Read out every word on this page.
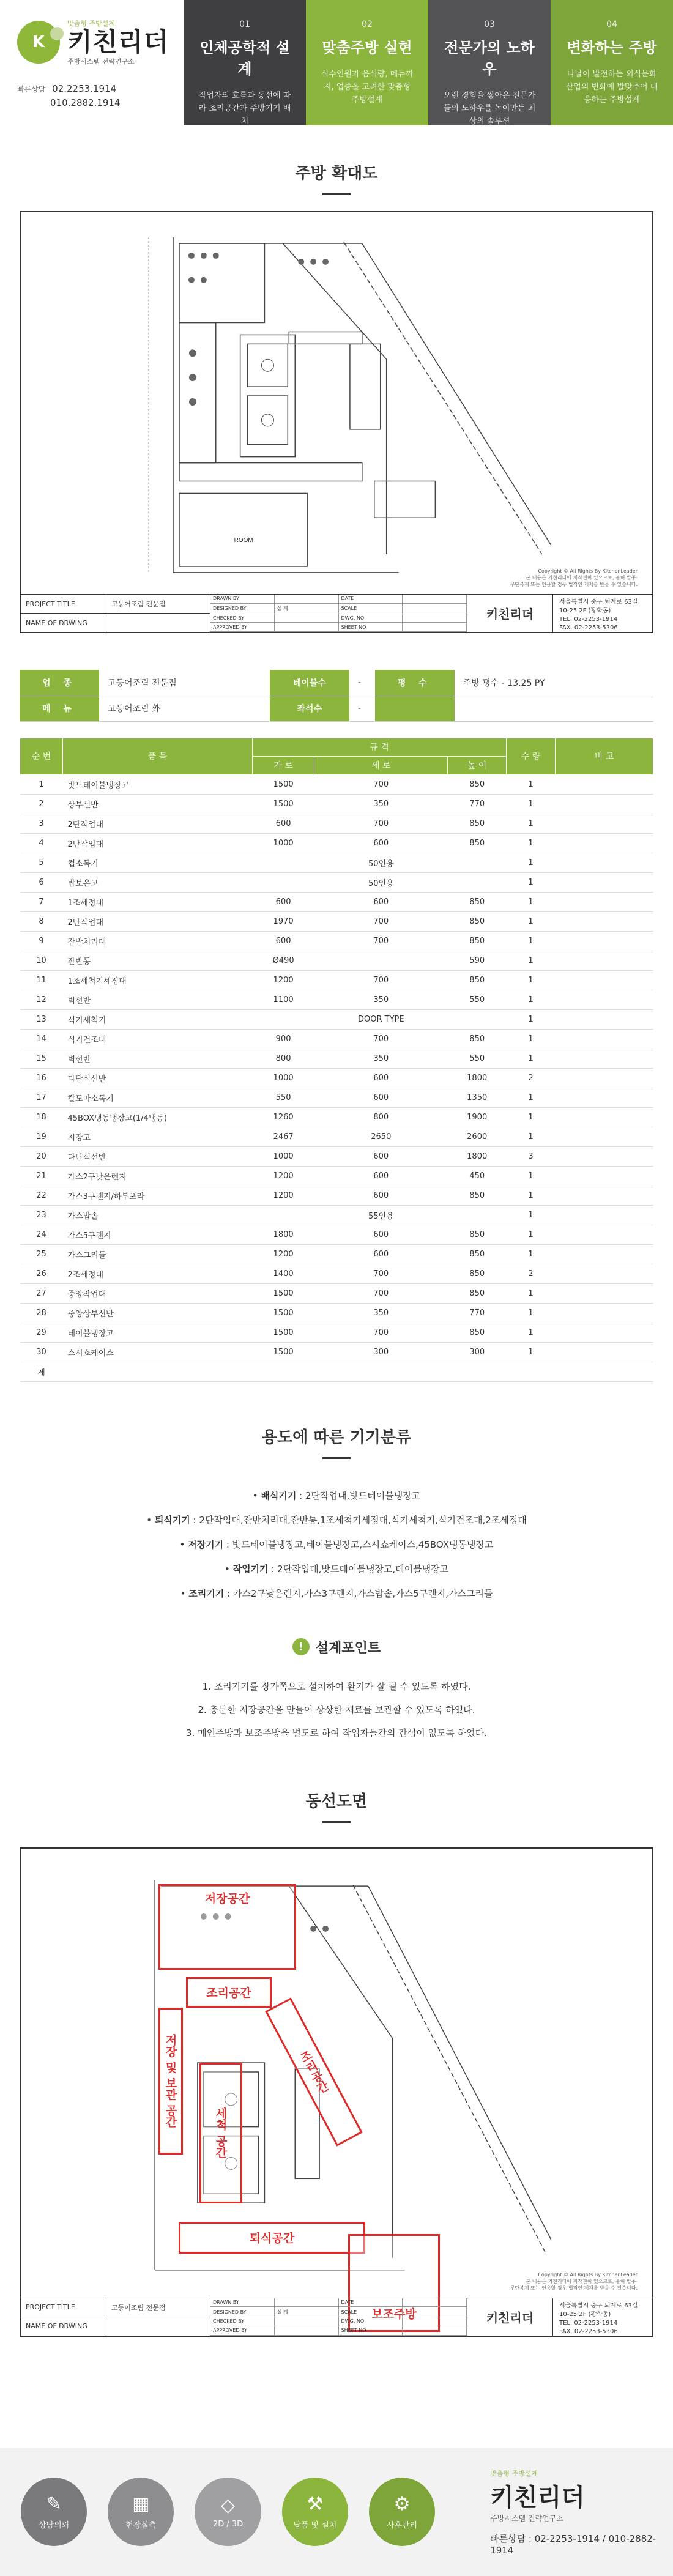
K
맞춤형 주방설계
키친리더
주방시스템 전략연구소
빠른상담 02.2253.1914
010.2882.1914
01
인체공학적 설계
작업자의 흐름과 동선에 따라 조리공간과 주방기기 배치
02
맞춤주방 실현
식수인원과 음식량, 메뉴까지, 업종을 고려한 맞춤형 주방설계
03
전문가의 노하우
오랜 경험을 쌓아온 전문가들의 노하우를 녹여만든 최상의 솔루션
04
변화하는 주방
나날이 발전하는 외식문화 산업의 변화에 발맞추어 대응하는 주방설계
주방 확대도
ROOM
Copyright © All Rights By KitchenLeader
본 내용은 키친리더에 저작권이 있으므로, 불허 발주·
무단복제 또는 인용할 경우 법적인 제재를 받을 수 있습니다.
PROJECT TITLE
NAME OF DRWING
고등어조림 전문점
DRAWN BY	DATE
DESIGNED BY	설 계	SCALE
CHECKED BY	DWG. NO
APPROVED BY	SHEET NO
키친리더
서울특별시 중구 퇴계로 63길 10-25 2F (황학동)
TEL. 02-2253-1914
FAX. 02-2253-5306
업 종	고등어조림 전문점	테이블수	-	평 수	주방 평수 - 13.25 PY
메 뉴	고등어조림 外	좌석수	-		
순 번	품 목	규 격			수 량	비 고
		가 로	세 로	높 이		
1	밧드테이블냉장고	1500	700	850	1	
2	상부선반	1500	350	770	1	
3	2단작업대	600	700	850	1	
4	2단작업대	1000	600	850	1	
5	컵소독기		50인용		1	
6	밥보온고		50인용		1	
7	1조세정대	600	600	850	1	
8	2단작업대	1970	700	850	1	
9	잔반처리대	600	700	850	1	
10	잔반통	Ø490		590	1	
11	1조세척기세정대	1200	700	850	1	
12	벽선반	1100	350	550	1	
13	식기세척기		DOOR TYPE		1	
14	식기건조대	900	700	850	1	
15	벽선반	800	350	550	1	
16	다단식선반	1000	600	1800	2	
17	칼도마소독기	550	600	1350	1	
18	45BOX냉동냉장고(1/4냉동)	1260	800	1900	1	
19	저장고	2467	2650	2600	1	
20	다단식선반	1000	600	1800	3	
21	가스2구낮은렌지	1200	600	450	1	
22	가스3구렌지/하부포라	1200	600	850	1	
23	가스밥솥		55인용		1	
24	가스5구렌지	1800	600	850	1	
25	가스그리들	1200	600	850	1	
26	2조세정대	1400	700	850	2	
27	중앙작업대	1500	700	850	1	
28	중앙상부선반	1500	350	770	1	
29	테이블냉장고	1500	700	850	1	
30	스시쇼케이스	1500	300	300	1	
계						
용도에 따른 기기분류
• 배식기기 : 2단작업대,밧드테이블냉장고
• 퇴식기기 : 2단작업대,잔반처리대,잔반통,1조세척기세정대,식기세척기,식기건조대,2조세정대
• 저장기기 : 밧드테이블냉장고,테이블냉장고,스시쇼케이스,45BOX냉동냉장고
• 작업기기 : 2단작업대,밧드테이블냉장고,테이블냉장고
• 조리기기 : 가스2구낮은렌지,가스3구렌지,가스밥솥,가스5구렌지,가스그리들
! 설계포인트
1. 조리기기를 장가쪽으로 설치하여 환기가 잘 될 수 있도록 하였다.
2. 충분한 저장공간을 만들어 상상한 재료를 보관할 수 있도록 하였다.
3. 메인주방과 보조주방을 별도로 하여 작업자들간의 간섭이 없도록 하였다.
동선도면
저장공간
조리공간
저장 및 보관 공간
세척 공간
조리공간
퇴식공간
보조주방
Copyright © All Rights By KitchenLeader
본 내용은 키친리더에 저작권이 있으므로, 불허 발주·
무단복제 또는 인용할 경우 법적인 제재를 받을 수 있습니다.
PROJECT TITLE
NAME OF DRWING
고등어조림 전문점
DRAWN BY	DATE
DESIGNED BY	설 계	SCALE
CHECKED BY	DWG. NO
APPROVED BY	SHEET NO
키친리더
서울특별시 중구 퇴계로 63길 10-25 2F (황학동)
TEL. 02-2253-1914
FAX. 02-2253-5306
✎
상담의뢰
▦
현장실측
◇
2D / 3D
⚒
납품 및 설치
⚙
사후관리
맞춤형 주방설계
키친리더
주방시스템 전략연구소
빠른상담 : 02-2253-1914 / 010-2882-1914
